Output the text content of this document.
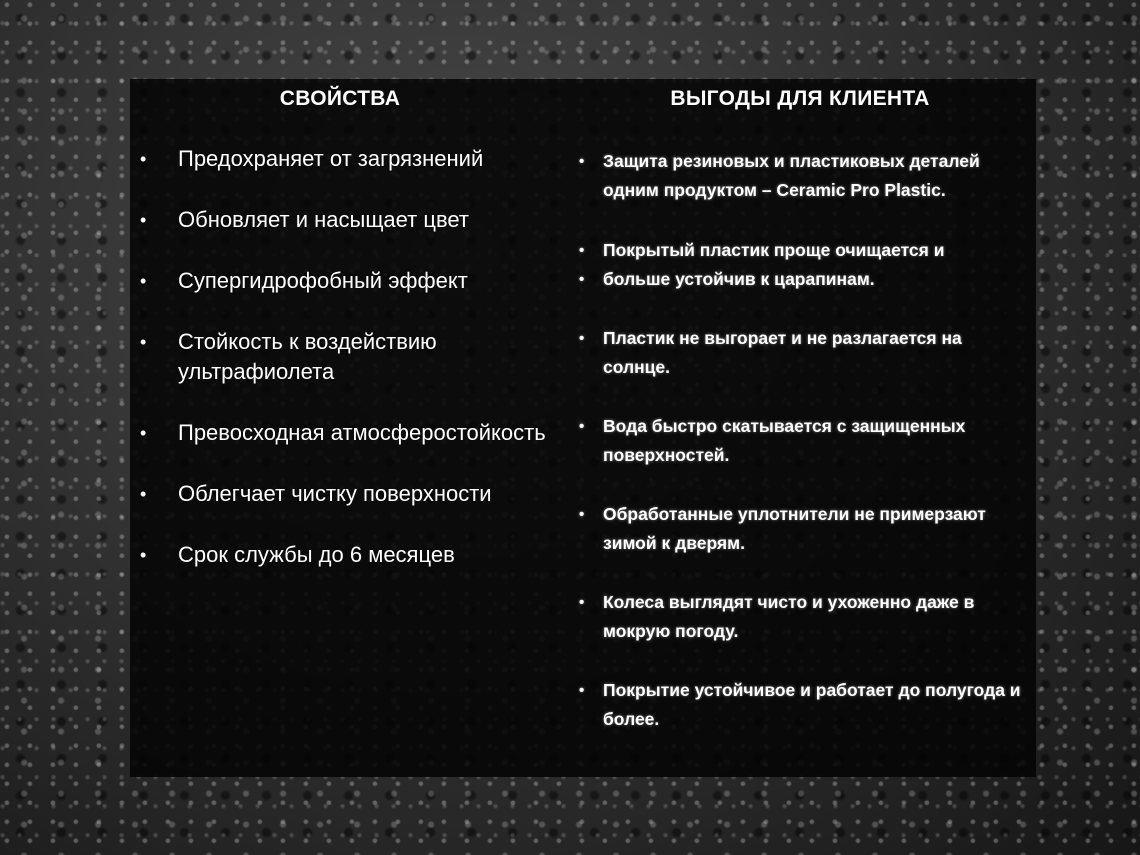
СВОЙСТВА	ВЫГОДЫ ДЛЯ КЛИЕНТА
• Предохраняет от загрязнений
• Обновляет и насыщает цвет
• Супергидрофобный эффект
• Стойкость к воздействию ультрафиолета
• Превосходная атмосферостойкость
• Облегчает чистку поверхности
• Срок службы до 6 месяцев
• Защита резиновых и пластиковых деталей одним продуктом – Ceramic Pro Plastic.
• Покрытый пластик проще очищается и
• больше устойчив к царапинам.
• Пластик не выгорает и не разлагается на солнце.
• Вода быстро скатывается с защищенных поверхностей.
• Обработанные уплотнители не примерзают зимой к дверям.
• Колеса выглядят чисто и ухоженно даже в мокрую погоду.
• Покрытие устойчивое и работает до полугода и более.
